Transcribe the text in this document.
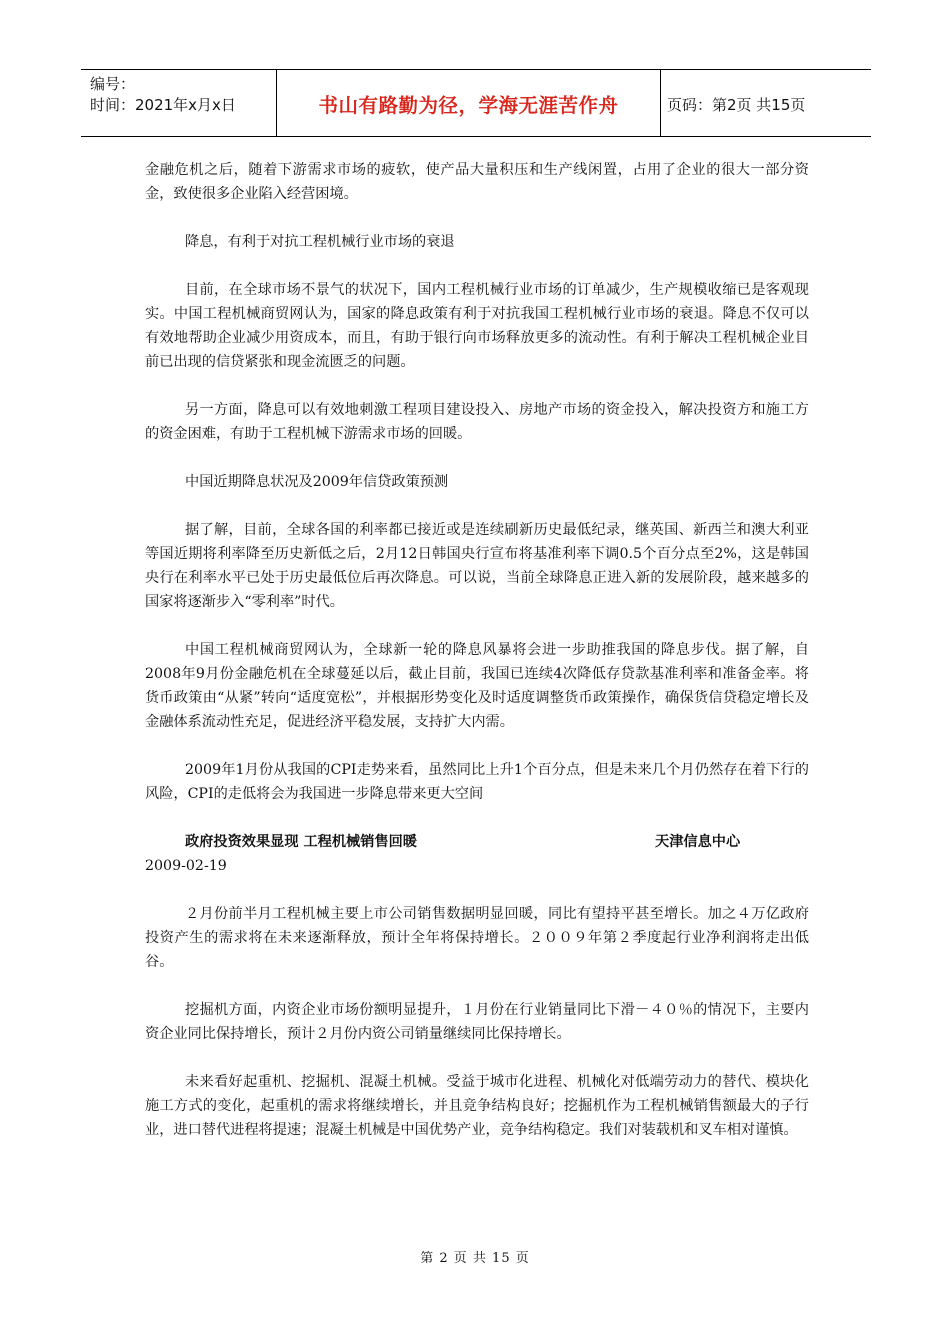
编号：
时间：2021年x月x日	书山有路勤为径，学海无涯苦作舟	页码：第2页 共15页

金融危机之后，随着下游需求市场的疲软，使产品大量积压和生产线闲置，占用了企业的很大一部分资金，致使很多企业陷入经营困境。

降息，有利于对抗工程机械行业市场的衰退

目前，在全球市场不景气的状况下，国内工程机械行业市场的订单减少，生产规模收缩已是客观现实。中国工程机械商贸网认为，国家的降息政策有利于对抗我国工程机械行业市场的衰退。降息不仅可以有效地帮助企业减少用资成本，而且，有助于银行向市场释放更多的流动性。有利于解决工程机械企业目前已出现的信贷紧张和现金流匮乏的问题。

另一方面，降息可以有效地刺激工程项目建设投入、房地产市场的资金投入，解决投资方和施工方的资金困难，有助于工程机械下游需求市场的回暖。

中国近期降息状况及2009年信贷政策预测

据了解，目前，全球各国的利率都已接近或是连续刷新历史最低纪录，继英国、新西兰和澳大利亚等国近期将利率降至历史新低之后，2月12日韩国央行宣布将基准利率下调0.5个百分点至2%，这是韩国央行在利率水平已处于历史最低位后再次降息。可以说，当前全球降息正进入新的发展阶段，越来越多的国家将逐渐步入“零利率”时代。

中国工程机械商贸网认为，全球新一轮的降息风暴将会进一步助推我国的降息步伐。据了解，自2008年9月份金融危机在全球蔓延以后，截止目前，我国已连续4次降低存贷款基准利率和准备金率。将货币政策由“从紧”转向“适度宽松”，并根据形势变化及时适度调整货币政策操作，确保货信贷稳定增长及金融体系流动性充足，促进经济平稳发展，支持扩大内需。

2009年1月份从我国的CPI走势来看，虽然同比上升1个百分点，但是未来几个月仍然存在着下行的风险，CPI的走低将会为我国进一步降息带来更大空间

政府投资效果显现 工程机械销售回暖	天津信息中心
2009-02-19

２月份前半月工程机械主要上市公司销售数据明显回暖，同比有望持平甚至增长。加之４万亿政府投资产生的需求将在未来逐渐释放，预计全年将保持增长。２００９年第２季度起行业净利润将走出低谷。

挖掘机方面，内资企业市场份额明显提升，１月份在行业销量同比下滑－４０％的情况下，主要内资企业同比保持增长，预计２月份内资公司销量继续同比保持增长。

未来看好起重机、挖掘机、混凝土机械。受益于城市化进程、机械化对低端劳动力的替代、模块化施工方式的变化，起重机的需求将继续增长，并且竞争结构良好；挖掘机作为工程机械销售额最大的子行业，进口替代进程将提速；混凝土机械是中国优势产业，竞争结构稳定。我们对装载机和叉车相对谨慎。

第 2 页 共 15 页
